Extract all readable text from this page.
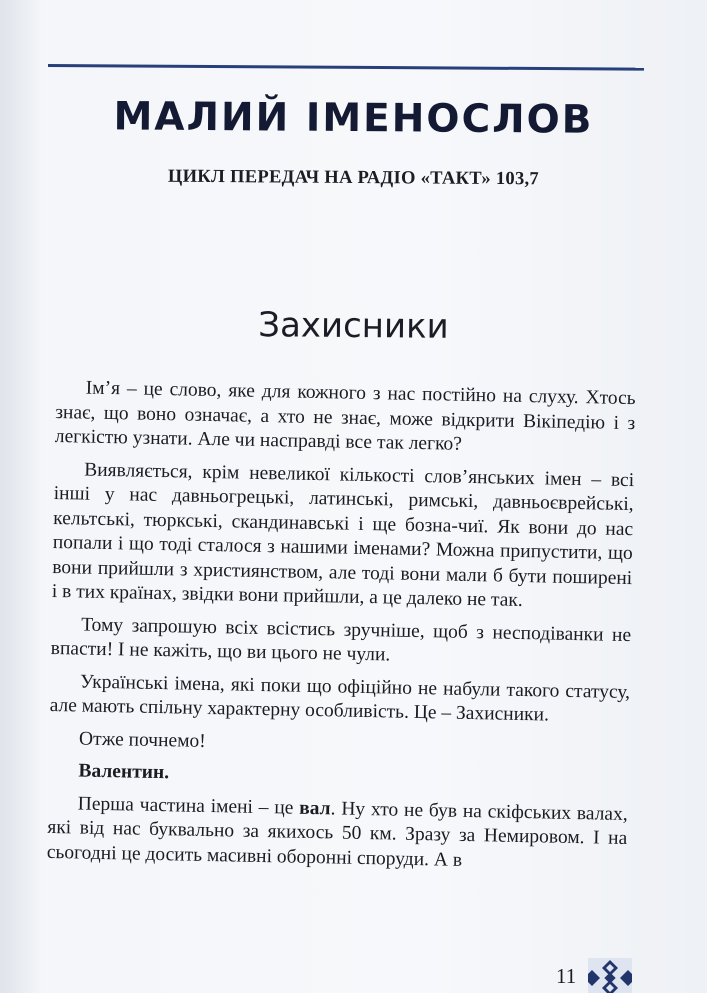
МАЛИЙ ІМЕНОСЛОВ
ЦИКЛ ПЕРЕДАЧ НА РАДІО «ТАКТ» 103,7
Захисники

Ім’я – це слово, яке для кожного з нас постійно на слуху. Хтось знає, що воно означає, а хто не знає, може відкрити Вікіпедію і з легкістю узнати. Але чи насправді все так легко?

Виявляється, крім невеликої кількості слов’янських імен – всі інші у нас давньогрецькі, латинські, римські, давньоєврейські, кельтські, тюркські, скандинавські і ще бозна-чиї. Як вони до нас попали і що тоді сталося з нашими іменами? Можна припустити, що вони прийшли з християнством, але тоді вони мали б бути поширені і в тих країнах, звідки вони прийшли, а це далеко не так.

Тому запрошую всіх всістись зручніше, щоб з несподіванки не впасти! І не кажіть, що ви цього не чули.

Українські імена, які поки що офіційно не набули такого статусу, але мають спільну характерну особливість. Це – Захисники.

Отже почнемо!

Валентин.

Перша частина імені – це вал. Ну хто не був на скіфських валах, які від нас буквально за якихось 50 км. Зразу за Немировом. І на сьогодні це досить масивні оборонні споруди. А в

11
